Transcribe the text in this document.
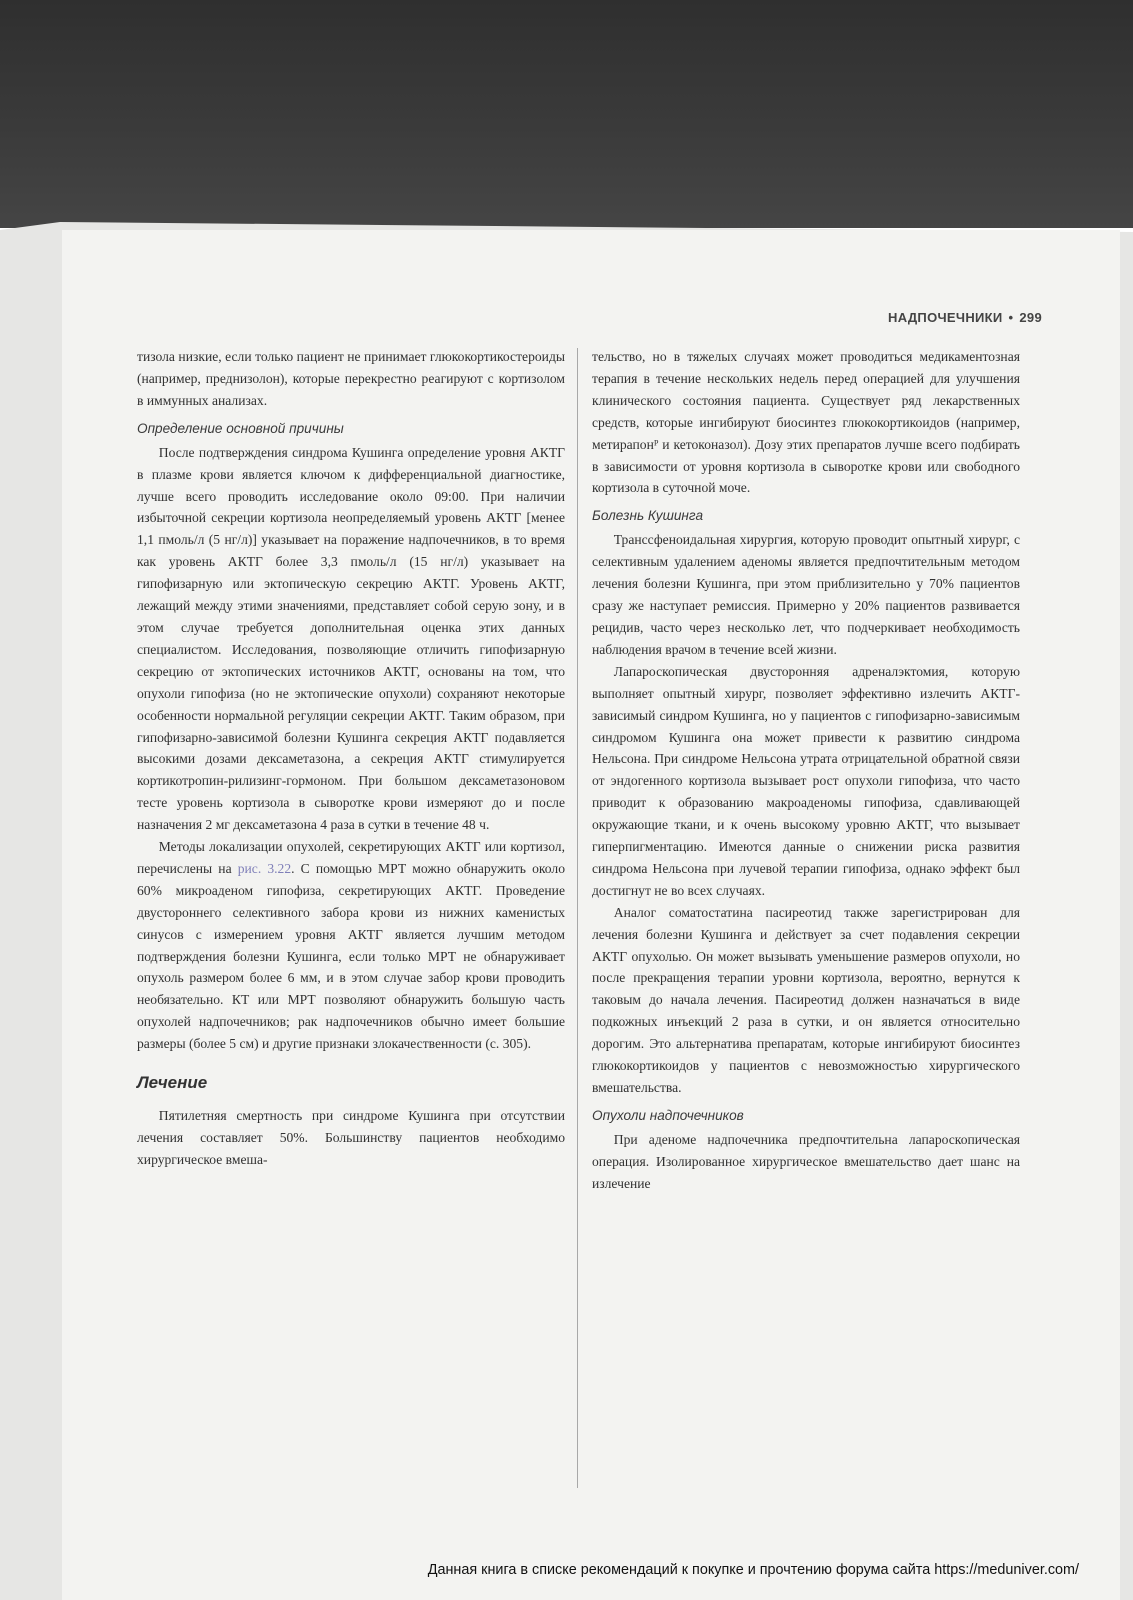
НАДПОЧЕЧНИКИ • 299

тизола низкие, если только пациент не принимает глюкокортикостероиды (например, преднизолон), которые перекрестно реагируют с кортизолом в иммунных анализах.

Определение основной причины

После подтверждения синдрома Кушинга определение уровня АКТГ в плазме крови является ключом к дифференциальной диагностике, лучше всего проводить исследование около 09:00. При наличии избыточной секреции кортизола неопределяемый уровень АКТГ [менее 1,1 пмоль/л (5 нг/л)] указывает на поражение надпочечников, в то время как уровень АКТГ более 3,3 пмоль/л (15 нг/л) указывает на гипофизарную или эктопическую секрецию АКТГ. Уровень АКТГ, лежащий между этими значениями, представляет собой серую зону, и в этом случае требуется дополнительная оценка этих данных специалистом. Исследования, позволяющие отличить гипофизарную секрецию от эктопических источников АКТГ, основаны на том, что опухоли гипофиза (но не эктопические опухоли) сохраняют некоторые особенности нормальной регуляции секреции АКТГ. Таким образом, при гипофизарно-зависимой болезни Кушинга секреция АКТГ подавляется высокими дозами дексаметазона, а секреция АКТГ стимулируется кортикотропин-рилизинг-гормоном. При большом дексаметазоновом тесте уровень кортизола в сыворотке крови измеряют до и после назначения 2 мг дексаметазона 4 раза в сутки в течение 48 ч.

Методы локализации опухолей, секретирующих АКТГ или кортизол, перечислены на рис. 3.22. С помощью МРТ можно обнаружить около 60% микроаденом гипофиза, секретирующих АКТГ. Проведение двустороннего селективного забора крови из нижних каменистых синусов с измерением уровня АКТГ является лучшим методом подтверждения болезни Кушинга, если только МРТ не обнаруживает опухоль размером более 6 мм, и в этом случае забор крови проводить необязательно. КТ или МРТ позволяют обнаружить большую часть опухолей надпочечников; рак надпочечников обычно имеет большие размеры (более 5 см) и другие признаки злокачественности (с. 305).

Лечение

Пятилетняя смертность при синдроме Кушинга при отсутствии лечения составляет 50%. Большинству пациентов необходимо хирургическое вмеша-

тельство, но в тяжелых случаях может проводиться медикаментозная терапия в течение нескольких недель перед операцией для улучшения клинического состояния пациента. Существует ряд лекарственных средств, которые ингибируют биосинтез глюкокортикоидов (например, метирапонᴾ и кетоконазол). Дозу этих препаратов лучше всего подбирать в зависимости от уровня кортизола в сыворотке крови или свободного кортизола в суточной моче.

Болезнь Кушинга

Транссфеноидальная хирургия, которую проводит опытный хирург, с селективным удалением аденомы является предпочтительным методом лечения болезни Кушинга, при этом приблизительно у 70% пациентов сразу же наступает ремиссия. Примерно у 20% пациентов развивается рецидив, часто через несколько лет, что подчеркивает необходимость наблюдения врачом в течение всей жизни.

Лапароскопическая двусторонняя адреналэктомия, которую выполняет опытный хирург, позволяет эффективно излечить АКТГ-зависимый синдром Кушинга, но у пациентов с гипофизарно-зависимым синдромом Кушинга она может привести к развитию синдрома Нельсона. При синдроме Нельсона утрата отрицательной обратной связи от эндогенного кортизола вызывает рост опухоли гипофиза, что часто приводит к образованию макроаденомы гипофиза, сдавливающей окружающие ткани, и к очень высокому уровню АКТГ, что вызывает гиперпигментацию. Имеются данные о снижении риска развития синдрома Нельсона при лучевой терапии гипофиза, однако эффект был достигнут не во всех случаях.

Аналог соматостатина пасиреотид также зарегистрирован для лечения болезни Кушинга и действует за счет подавления секреции АКТГ опухолью. Он может вызывать уменьшение размеров опухоли, но после прекращения терапии уровни кортизола, вероятно, вернутся к таковым до начала лечения. Пасиреотид должен назначаться в виде подкожных инъекций 2 раза в сутки, и он является относительно дорогим. Это альтернатива препаратам, которые ингибируют биосинтез глюкокортикоидов у пациентов с невозможностью хирургического вмешательства.

Опухоли надпочечников

При аденоме надпочечника предпочтительна лапароскопическая операция. Изолированное хирургическое вмешательство дает шанс на излечение

Данная книга в списке рекомендаций к покупке и прочтению форума сайта https://meduniver.com/
